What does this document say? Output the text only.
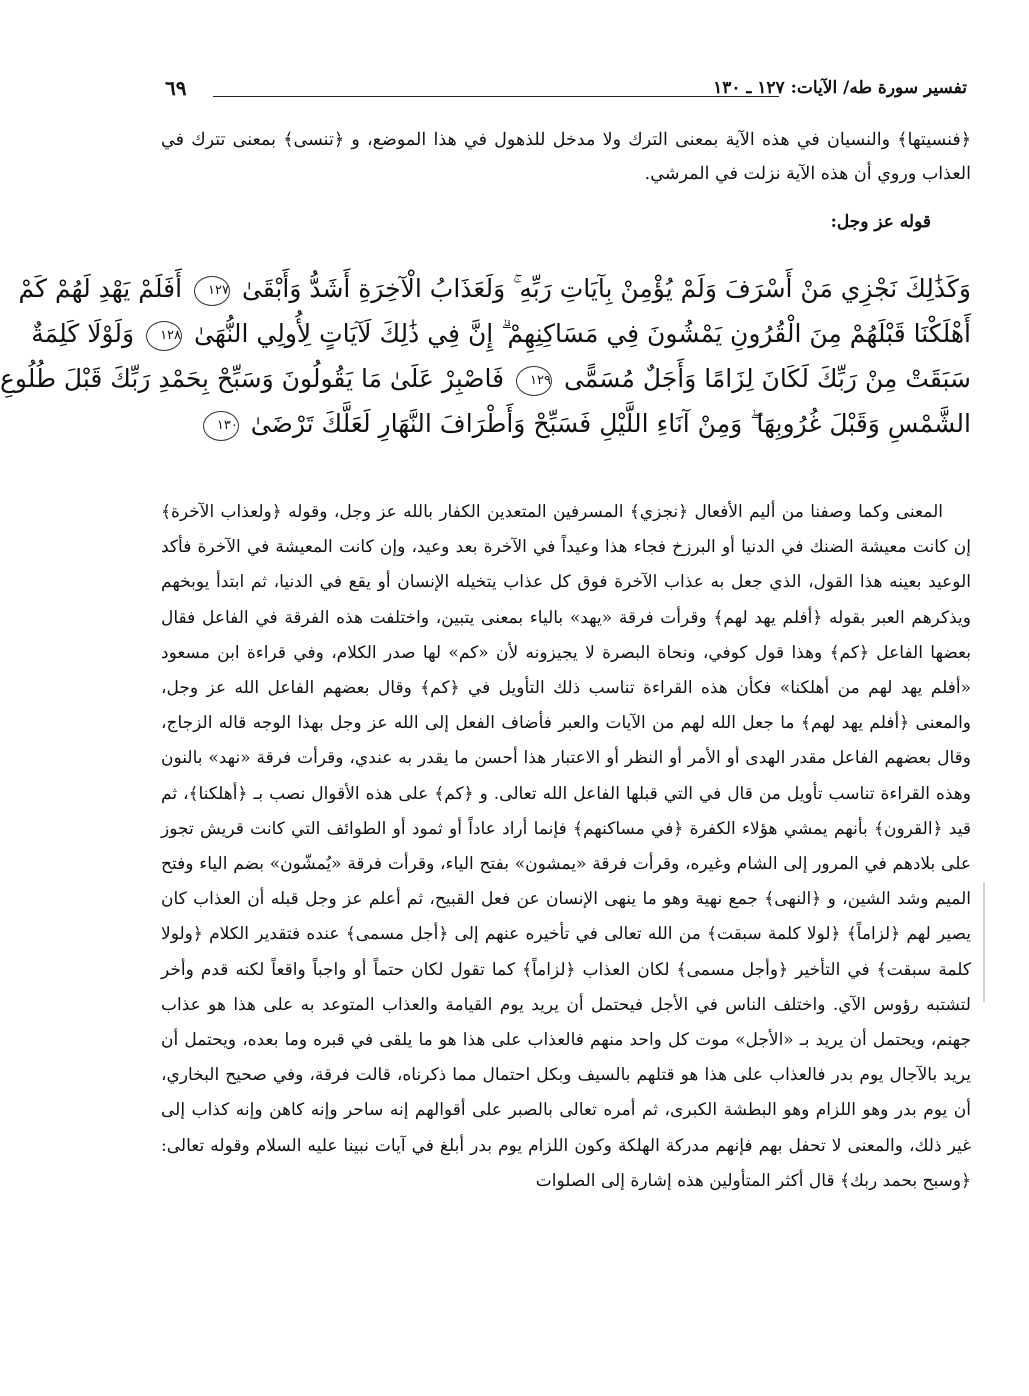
تفسير سورة طه/ الآيات: ١٢٧ ـ ١٣٠
٦٩
﴿فنسيتها﴾ والنسيان في هذه الآية بمعنى الترك ولا مدخل للذهول في هذا الموضع، و ﴿تنسى﴾ بمعنى تترك في العذاب وروي أن هذه الآية نزلت في المرشي.
قوله عز وجل:
وَكَذَٰلِكَ نَجْزِي مَنْ أَسْرَفَ وَلَمْ يُؤْمِنْ بِآيَاتِ رَبِّهِ ۚ وَلَعَذَابُ الْآخِرَةِ أَشَدُّ وَأَبْقَىٰ ١٢٧ أَفَلَمْ يَهْدِ لَهُمْ كَمْ
أَهْلَكْنَا قَبْلَهُمْ مِنَ الْقُرُونِ يَمْشُونَ فِي مَسَاكِنِهِمْ ۗ إِنَّ فِي ذَٰلِكَ لَآيَاتٍ لِأُولِي النُّهَىٰ ١٢٨ وَلَوْلَا كَلِمَةٌ
سَبَقَتْ مِنْ رَبِّكَ لَكَانَ لِزَامًا وَأَجَلٌ مُسَمًّى ١٢٩ فَاصْبِرْ عَلَىٰ مَا يَقُولُونَ وَسَبِّحْ بِحَمْدِ رَبِّكَ قَبْلَ طُلُوعِ
الشَّمْسِ وَقَبْلَ غُرُوبِهَا ۖ وَمِنْ آنَاءِ اللَّيْلِ فَسَبِّحْ وَأَطْرَافَ النَّهَارِ لَعَلَّكَ تَرْضَىٰ ١٣٠

المعنى وكما وصفنا من أليم الأفعال ﴿نجزي﴾ المسرفين المتعدين الكفار بالله عز وجل، وقوله ﴿ولعذاب الآخرة﴾ إن كانت معيشة الضنك في الدنيا أو البرزخ فجاء هذا وعيداً في الآخرة بعد وعيد، وإن كانت المعيشة في الآخرة فأكد الوعيد بعينه هذا القول، الذي جعل به عذاب الآخرة فوق كل عذاب يتخيله الإنسان أو يقع في الدنيا، ثم ابتدأ يوبخهم ويذكرهم العبر بقوله ﴿أفلم يهد لهم﴾ وقرأت فرقة «يهد» بالياء بمعنى يتبين، واختلفت هذه الفرقة في الفاعل فقال بعضها الفاعل ﴿كم﴾ وهذا قول كوفي، ونحاة البصرة لا يجيزونه لأن «كم» لها صدر الكلام، وفي قراءة ابن مسعود «أفلم يهد لهم من أهلكنا» فكأن هذه القراءة تناسب ذلك التأويل في ﴿كم﴾ وقال بعضهم الفاعل الله عز وجل، والمعنى ﴿أفلم يهد لهم﴾ ما جعل الله لهم من الآيات والعبر فأضاف الفعل إلى الله عز وجل بهذا الوجه قاله الزجاج، وقال بعضهم الفاعل مقدر الهدى أو الأمر أو النظر أو الاعتبار هذا أحسن ما يقدر به عندي، وقرأت فرقة «نهد» بالنون وهذه القراءة تناسب تأويل من قال في التي قبلها الفاعل الله تعالى. و ﴿كم﴾ على هذه الأقوال نصب بـ ﴿أهلكنا﴾، ثم قيد ﴿القرون﴾ بأنهم يمشي هؤلاء الكفرة ﴿في مساكنهم﴾ فإنما أراد عاداً أو ثمود أو الطوائف التي كانت قريش تجوز على بلادهم في المرور إلى الشام وغيره، وقرأت فرقة «يمشون» بفتح الياء، وقرأت فرقة «يُمشّون» بضم الياء وفتح الميم وشد الشين، و ﴿النهى﴾ جمع نهية وهو ما ينهى الإنسان عن فعل القبيح، ثم أعلم عز وجل قبله أن العذاب كان يصير لهم ﴿لزاماً﴾ ﴿لولا كلمة سبقت﴾ من الله تعالى في تأخيره عنهم إلى ﴿أجل مسمى﴾ عنده فتقدير الكلام ﴿ولولا كلمة سبقت﴾ في التأخير ﴿وأجل مسمى﴾ لكان العذاب ﴿لزاماً﴾ كما تقول لكان حتماً أو واجباً واقعاً لكنه قدم وأخر لتشتبه رؤوس الآي. واختلف الناس في الأجل فيحتمل أن يريد يوم القيامة والعذاب المتوعد به على هذا هو عذاب جهنم، ويحتمل أن يريد بـ «الأجل» موت كل واحد منهم فالعذاب على هذا هو ما يلقى في قبره وما بعده، ويحتمل أن يريد بالآجال يوم بدر فالعذاب على هذا هو قتلهم بالسيف وبكل احتمال مما ذكرناه، قالت فرقة، وفي صحيح البخاري، أن يوم بدر وهو اللزام وهو البطشة الكبرى، ثم أمره تعالى بالصبر على أقوالهم إنه ساحر وإنه كاهن وإنه كذاب إلى غير ذلك، والمعنى لا تحفل بهم فإنهم مدركة الهلكة وكون اللزام يوم بدر أبلغ في آيات نبينا عليه السلام وقوله تعالى: ﴿وسبح بحمد ربك﴾ قال أكثر المتأولين هذه إشارة إلى الصلوات
